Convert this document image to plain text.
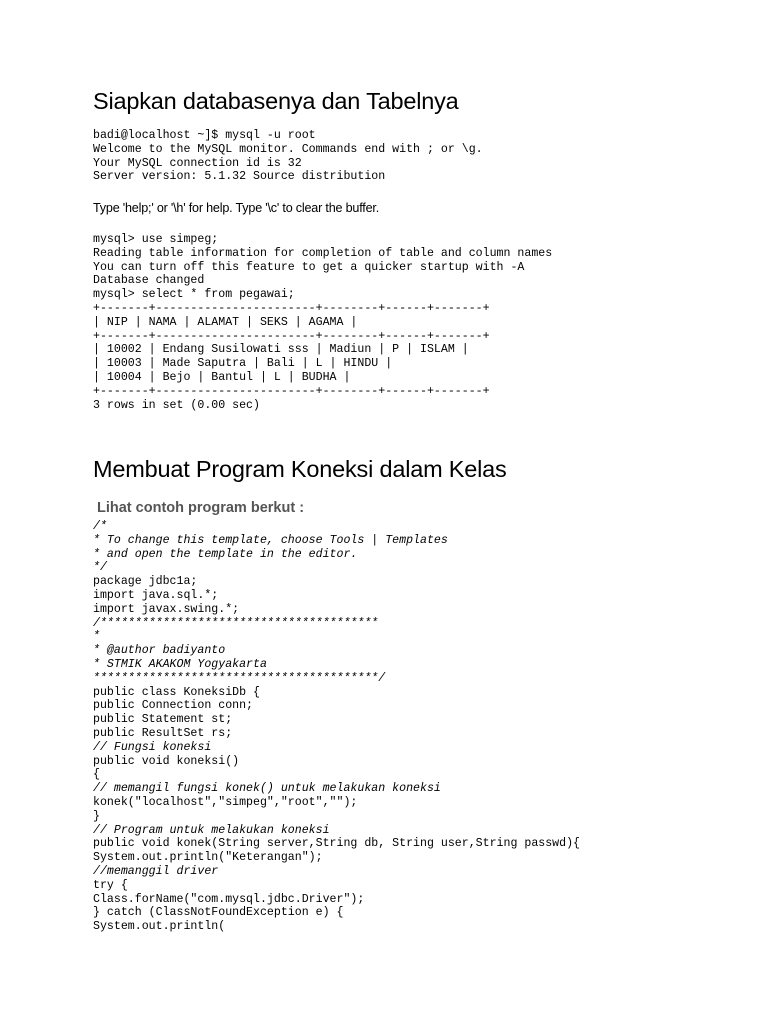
Siapkan databasenya dan Tabelnya
badi@localhost ~]$ mysql -u root
Welcome to the MySQL monitor. Commands end with ; or \g.
Your MySQL connection id is 32
Server version: 5.1.32 Source distribution
Type 'help;' or '\h' for help. Type '\c' to clear the buffer.
mysql> use simpeg;
Reading table information for completion of table and column names
You can turn off this feature to get a quicker startup with -A
Database changed
mysql> select * from pegawai;
+-------+-----------------------+--------+------+-------+
| NIP | NAMA | ALAMAT | SEKS | AGAMA |
+-------+-----------------------+--------+------+-------+
| 10002 | Endang Susilowati sss | Madiun | P | ISLAM |
| 10003 | Made Saputra | Bali | L | HINDU |
| 10004 | Bejo | Bantul | L | BUDHA |
+-------+-----------------------+--------+------+-------+
3 rows in set (0.00 sec)
Membuat Program Koneksi dalam Kelas
Lihat contoh program berkut :
/*
* To change this template, choose Tools | Templates
* and open the template in the editor.
*/
package jdbc1a;
import java.sql.*;
import javax.swing.*;
/****************************************
*
* @author badiyanto
* STMIK AKAKOM Yogyakarta
*****************************************/
public class KoneksiDb {
public Connection conn;
public Statement st;
public ResultSet rs;
// Fungsi koneksi
public void koneksi()
{
// memangil fungsi konek() untuk melakukan koneksi
konek("localhost","simpeg","root","");
}
// Program untuk melakukan koneksi
public void konek(String server,String db, String user,String passwd){
System.out.println("Keterangan");
//memanggil driver
try {
Class.forName("com.mysql.jdbc.Driver");
} catch (ClassNotFoundException e) {
System.out.println(
